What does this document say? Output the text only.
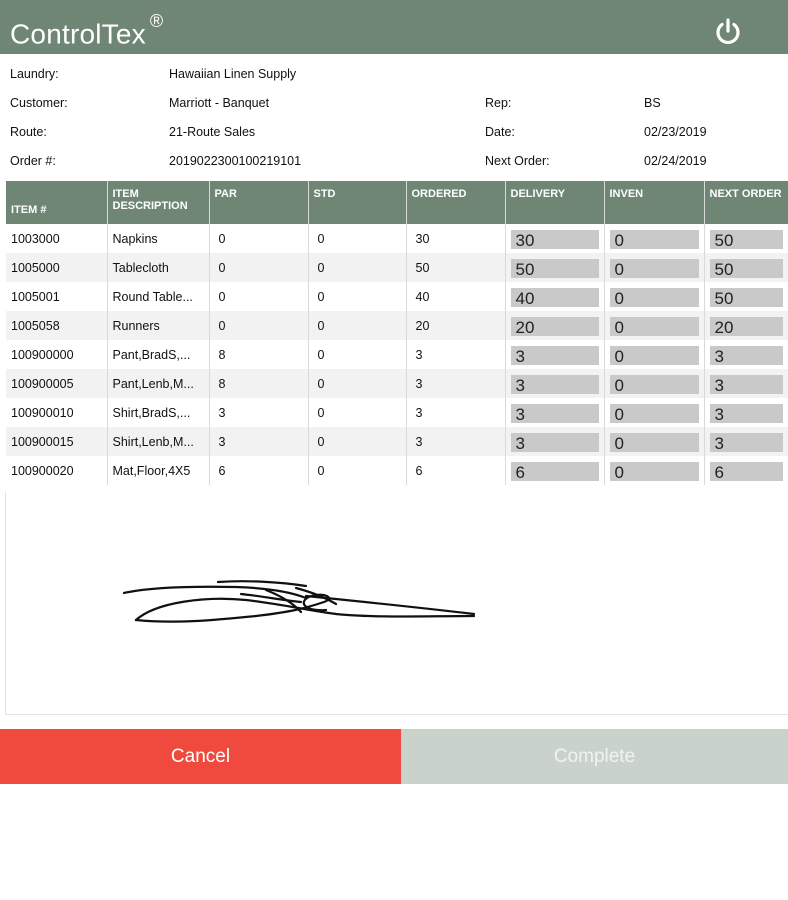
ControlTex ®
Laundry:	Hawaiian Linen Supply
Customer:	Marriott - Banquet	Rep:	BS
Route:	21-Route Sales	Date:	02/23/2019
Order #:	2019022300100219101	Next Order:	02/24/2019
ITEM #	ITEM DESCRIPTION	PAR	STD	ORDERED	DELIVERY	INVEN	NEXT ORDER
1003000	Napkins	0	0	30	30	0	50

1005000	Tablecloth	0	0	50	50	0	50

1005001	Round Table...	0	0	40	40	0	50

1005058	Runners	0	0	20	20	0	20

100900000	Pant,BradS,...	8	0	3	3	0	3

100900005	Pant,Lenb,M...	8	0	3	3	0	3

100900010	Shirt,BradS,...	3	0	3	3	0	3

100900015	Shirt,Lenb,M...	3	0	3	3	0	3

100900020	Mat,Floor,4X5	6	0	6	6	0	6
Cancel	Complete
